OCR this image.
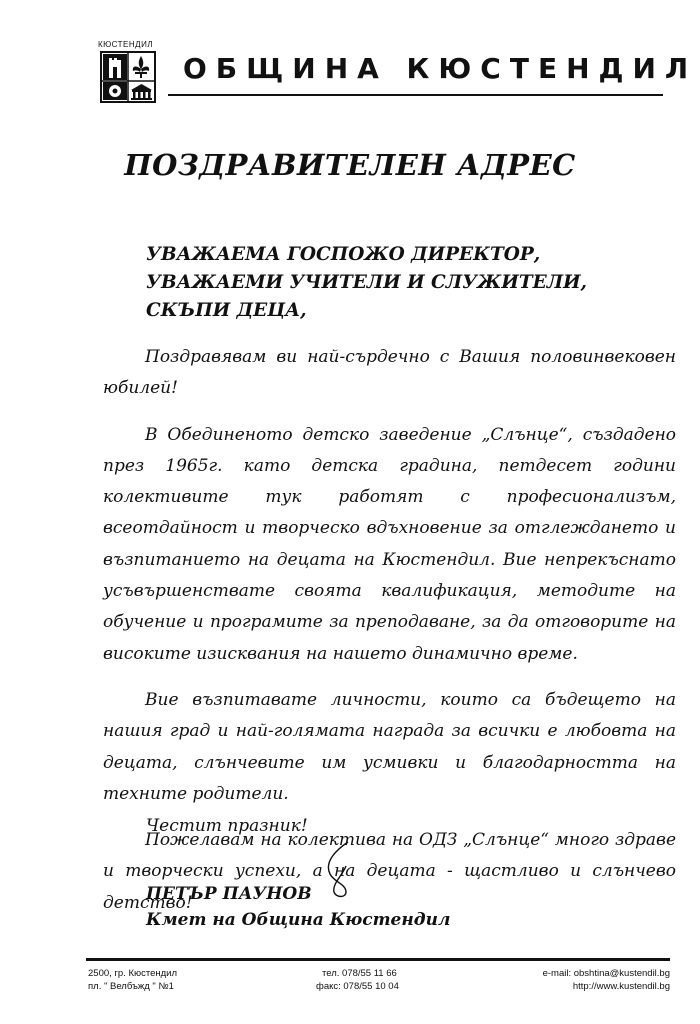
КЮСТЕНДИЛ
ОБЩИНА КЮСТЕНДИЛ
ПОЗДРАВИТЕЛЕН АДРЕС
УВАЖАЕМА ГОСПОЖО ДИРЕКТОР,
УВАЖАЕМИ УЧИТЕЛИ И СЛУЖИТЕЛИ,
СКЪПИ ДЕЦА,

Поздравявам ви най-сърдечно с Вашия половинвековен юбилей!

В Обединеното детско заведение „Слънце“, създадено през 1965г. като детска градина, петдесет години колективите тук работят с професионализъм, всеотдайност и творческо вдъхновение за отглеждането и възпитанието на децата на Кюстендил. Вие непрекъснато усъвършенствате своята квалификация, методите на обучение и програмите за преподаване, за да отговорите на високите изисквания на нашето динамично време.

Вие възпитавате личности, които са бъдещето на нашия град и най-голямата награда за всички е любовта на децата, слънчевите им усмивки и благодарността на техните родители.

Пожелавам на колектива на ОДЗ „Слънце“ много здраве и творчески успехи, а на децата - щастливо и слънчево детство!

Честит празник!
ПЕТЪР ПАУНОВ
Кмет на Община Кюстендил
2500, гр. Кюстендил
пл. " Велбъжд " №1
тел. 078/55 11 66
факс: 078/55 10 04
e-mail: obshtina@kustendil.bg
http://www.kustendil.bg
